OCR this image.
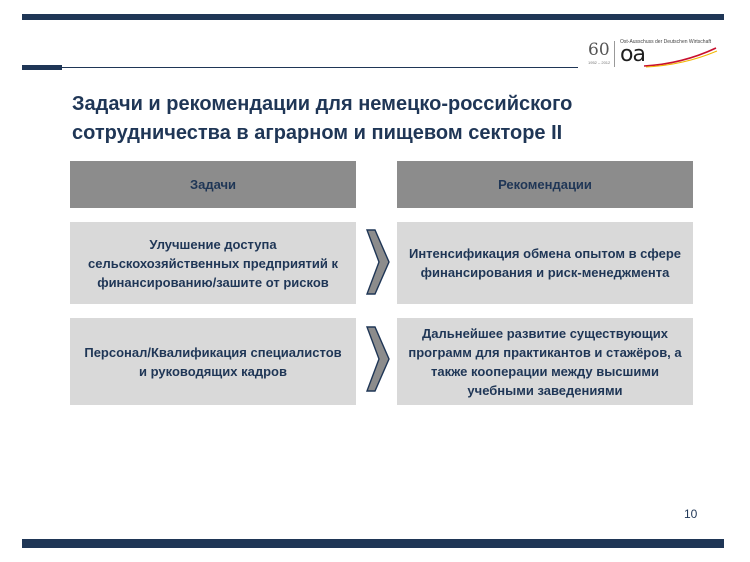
60
1952 – 2012
Ost-Ausschuss der Deutschen Wirtschaft
oa
Задачи и рекомендации для немецко-российского
сотрудничества в аграрном и пищевом секторе II
Задачи	Рекомендации
Улучшение доступа сельскохозяйственных предприятий к финансированию/зашите от рисков
Интенсификация обмена опытом в сфере финансирования и риск-менеджмента
Персонал/Квалификация специалистов и руководящих кадров
Дальнейшее развитие существующих программ для практикантов и стажёров, а также кооперации между высшими учебными заведениями
10
